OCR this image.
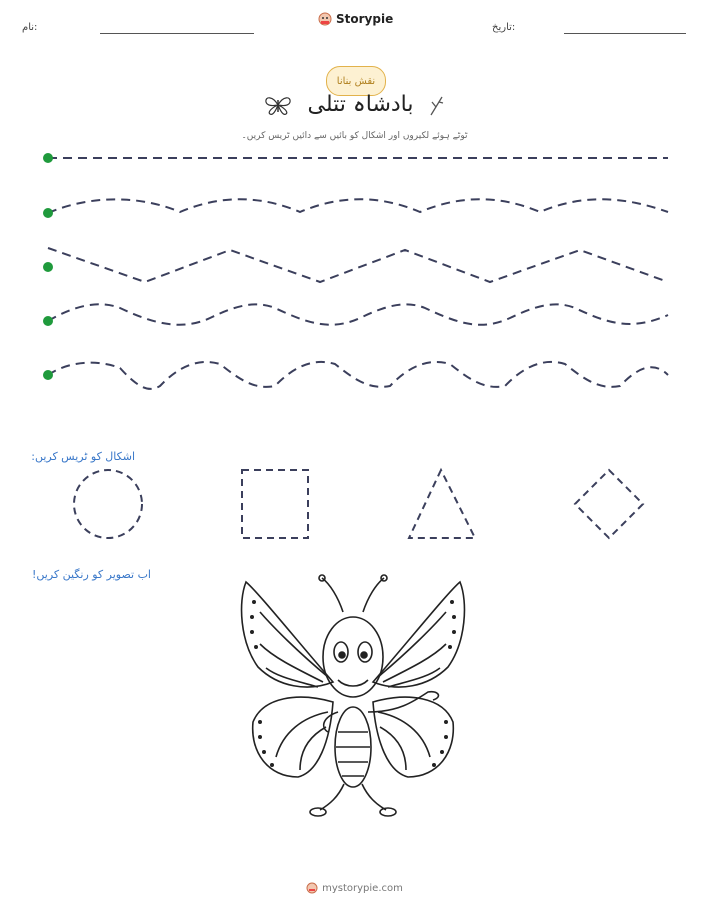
نام:
Storypie
تاریخ:
نقش بنانا
بادشاہ تتلی
ٹوٹے ہوئے لکیروں اور اشکال کو بائیں سے دائیں ٹریس کریں۔
اشکال کو ٹریس کریں:
اب تصویر کو رنگین کریں!
mystorypie.com
